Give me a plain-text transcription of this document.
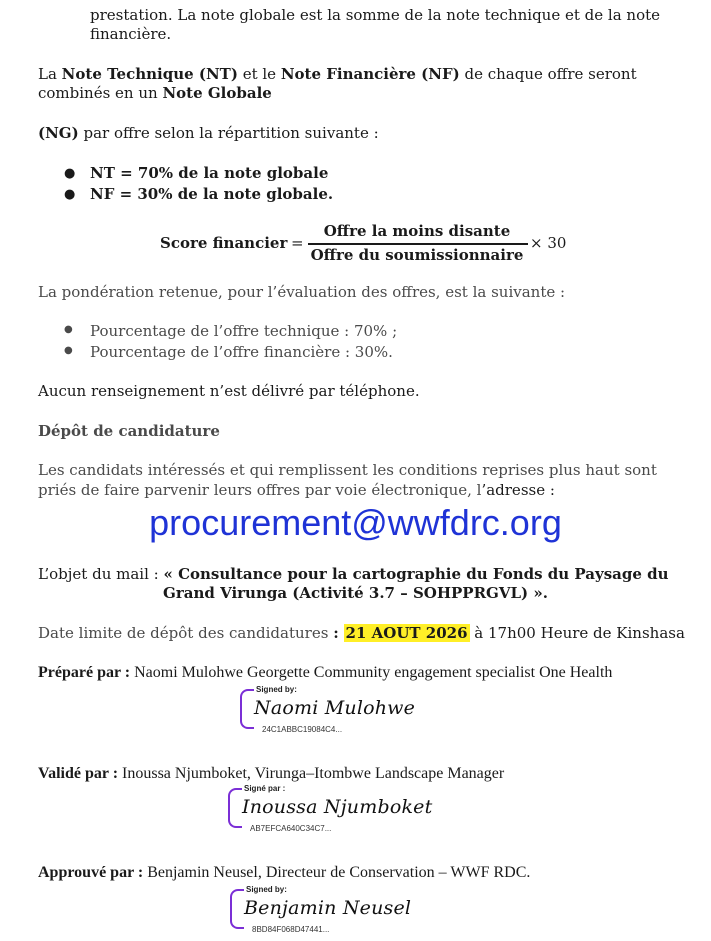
prestation. La note globale est la somme de la note technique et de la note
financière.
La Note Technique (NT) et le Note Financière (NF) de chaque offre seront
combinés en un Note Globale
(NG) par offre selon la répartition suivante :
● NT = 70% de la note globale
● NF = 30% de la note globale.
Score financier =
Offre la moins disante
Offre du soumissionnaire
× 30
La pondération retenue, pour l’évaluation des offres, est la suivante :
● Pourcentage de l’offre technique : 70% ;
● Pourcentage de l’offre financière : 30%.
Aucun renseignement n’est délivré par téléphone.
Dépôt de candidature
Les candidats intéressés et qui remplissent les conditions reprises plus haut sont
priés de faire parvenir leurs offres par voie électronique, l’adresse :
procurement@wwfdrc.org
L’objet du mail : « Consultance pour la cartographie du Fonds du Paysage du
Grand Virunga (Activité 3.7 – SOHPPRGVL) ».
Date limite de dépôt des candidatures : 21 AOUT 2026 à 17h00 Heure de Kinshasa
Préparé par : Naomi Mulohwe Georgette Community engagement specialist One Health
Signed by:
Naomi Mulohwe
24C1ABBC19084C4...
Validé par : Inoussa Njumboket, Virunga–Itombwe Landscape Manager
Signé par :
Inoussa Njumboket
AB7EFCA640C34C7...
Approuvé par : Benjamin Neusel, Directeur de Conservation – WWF RDC.
Signed by:
Benjamin Neusel
8BD84F068D47441...
